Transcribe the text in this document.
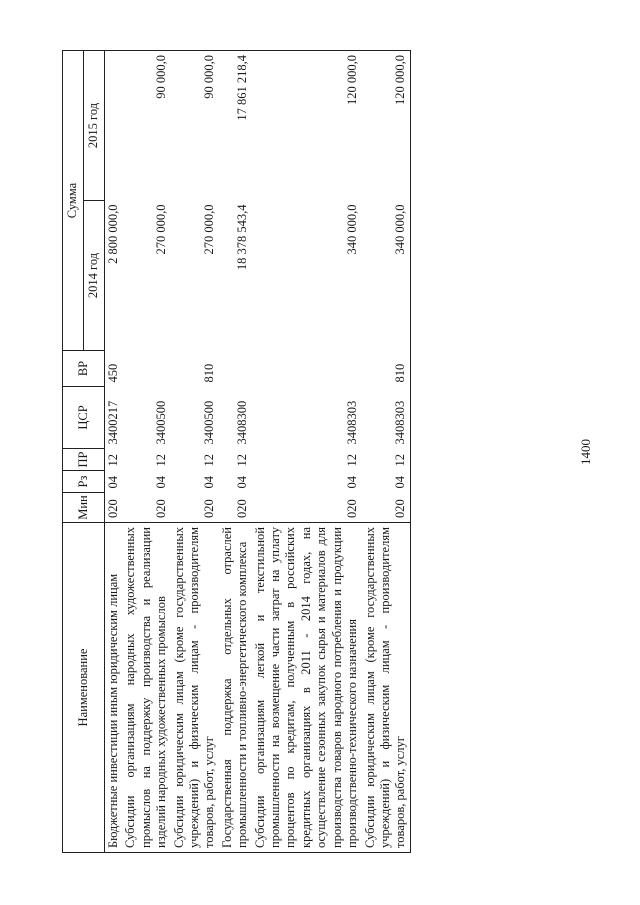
1400
Наименование	Мин	Рз	ПР	ЦСР	ВР	Сумма	
						2014 год	2015 год
Бюджетные инвестиции иным юридическим лицам	020	04	12	3400217	450	2 800 000,0	
Субсидии организациям народных художественных промыслов на поддержку производства и реализации изделий народных художественных промыслов	020	04	12	3400500		270 000,0	90 000,0
Субсидии юридическим лицам (кроме государственных учреждений) и физическим лицам - производителям товаров, работ, услуг	020	04	12	3400500	810	270 000,0	90 000,0
Государственная поддержка отдельных отраслей промышленности и топливно-энергетического комплекса	020	04	12	3408300		18 378 543,4	17 861 218,4
Субсидии организациям легкой и текстильной промышленности на возмещение части затрат на уплату процентов по кредитам, полученным в российских кредитных организациях в 2011 - 2014 годах, на осуществление сезонных закупок сырья и материалов для производства товаров народного потребления и продукции производственно-технического назначения	020	04	12	3408303		340 000,0	120 000,0
Субсидии юридическим лицам (кроме государственных учреждений) и физическим лицам - производителям товаров, работ, услуг	020	04	12	3408303	810	340 000,0	120 000,0
